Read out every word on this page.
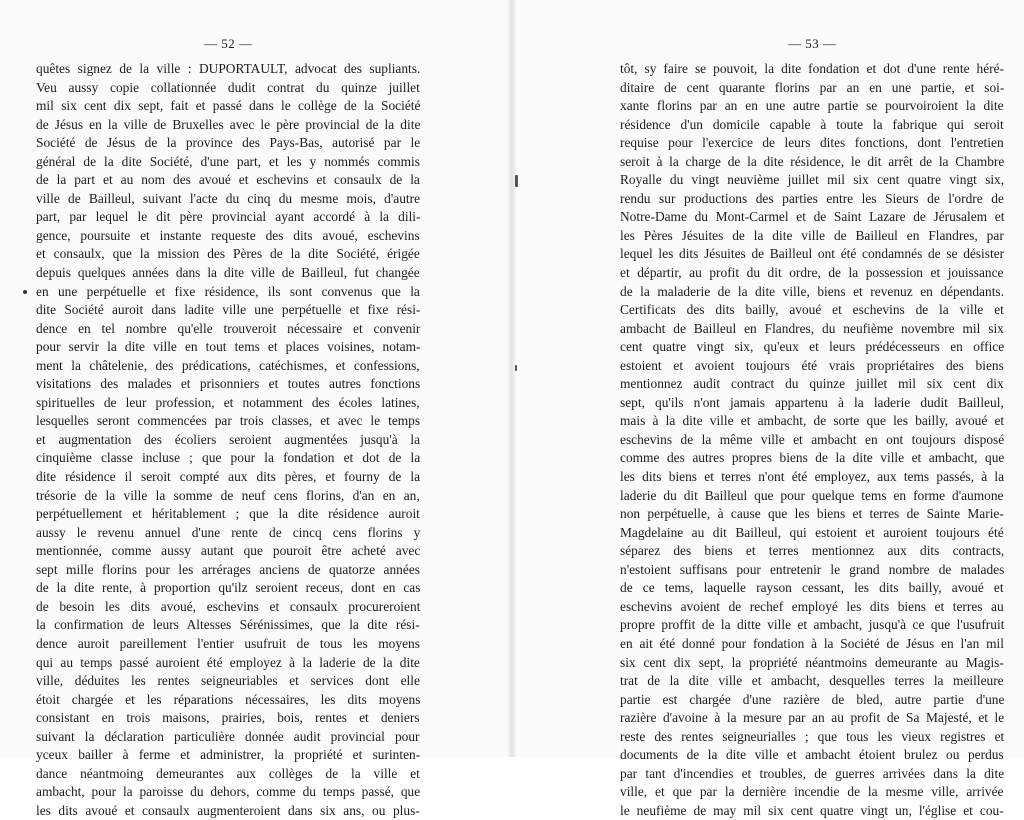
— 52 —
quêtes signez de la ville : DUPORTAULT, advocat des supliants.
Veu aussy copie collationnée dudit contrat du quinze juillet
mil six cent dix sept, fait et passé dans le collège de la Société
de Jésus en la ville de Bruxelles avec le père provincial de la dite
Société de Jésus de la province des Pays-Bas, autorisé par le
général de la dite Société, d'une part, et les y nommés commis
de la part et au nom des avoué et eschevins et consaulx de la
ville de Bailleul, suivant l'acte du cinq du mesme mois, d'autre
part, par lequel le dit père provincial ayant accordé à la dili-
gence, poursuite et instante requeste des dits avoué, eschevins
et consaulx, que la mission des Pères de la dite Société, érigée
depuis quelques années dans la dite ville de Bailleul, fut changée
en une perpétuelle et fixe résidence, ils sont convenus que la
dite Société auroit dans ladite ville une perpétuelle et fixe rési-
dence en tel nombre qu'elle trouveroit nécessaire et convenir
pour servir la dite ville en tout tems et places voisines, notam-
ment la châtelenie, des prédications, catéchismes, et confessions,
visitations des malades et prisonniers et toutes autres fonctions
spirituelles de leur profession, et notamment des écoles latines,
lesquelles seront commencées par trois classes, et avec le temps
et augmentation des écoliers seroient augmentées jusqu'à la
cinquième classe incluse ; que pour la fondation et dot de la
dite résidence il seroit compté aux dits pères, et fourny de la
trésorie de la ville la somme de neuf cens florins, d'an en an,
perpétuellement et héritablement ; que la dite résidence auroit
aussy le revenu annuel d'une rente de cincq cens florins y
mentionnée, comme aussy autant que pouroit être acheté avec
sept mille florins pour les arrérages anciens de quatorze années
de la dite rente, à proportion qu'ilz seroient receus, dont en cas
de besoin les dits avoué, eschevins et consaulx procureroient
la confirmation de leurs Altesses Sérénissimes, que la dite rési-
dence auroit pareillement l'entier usufruit de tous les moyens
qui au temps passé auroient été employez à la laderie de la dite
ville, déduites les rentes seigneuriables et services dont elle
étoit chargée et les réparations nécessaires, les dits moyens
consistant en trois maisons, prairies, bois, rentes et deniers
suivant la déclaration particulière donnée audit provincial pour
yceux bailler à ferme et administrer, la propriété et surinten-
dance néantmoing demeurantes aux collèges de la ville et
ambacht, pour la paroisse du dehors, comme du temps passé, que
les dits avoué et consaulx augmenteroient dans six ans, ou plus-
— 53 —
tôt, sy faire se pouvoit, la dite fondation et dot d'une rente héré-
ditaire de cent quarante florins par an en une partie, et soi-
xante florins par an en une autre partie se pourvoiroient la dite
résidence d'un domicile capable à toute la fabrique qui seroit
requise pour l'exercice de leurs dites fonctions, dont l'entretien
seroit à la charge de la dite résidence, le dit arrêt de la Chambre
Royalle du vingt neuvième juillet mil six cent quatre vingt six,
rendu sur productions des parties entre les Sieurs de l'ordre de
Notre-Dame du Mont-Carmel et de Saint Lazare de Jérusalem et
les Pères Jésuites de la dite ville de Bailleul en Flandres, par
lequel les dits Jésuites de Bailleul ont été condamnés de se désister
et départir, au profit du dit ordre, de la possession et jouissance
de la maladerie de la dite ville, biens et revenuz en dépendants.
Certificats des dits bailly, avoué et eschevins de la ville et
ambacht de Bailleul en Flandres, du neufième novembre mil six
cent quatre vingt six, qu'eux et leurs prédécesseurs en office
estoient et avoient toujours été vrais propriétaires des biens
mentionnez audit contract du quinze juillet mil six cent dix
sept, qu'ils n'ont jamais appartenu à la laderie dudit Bailleul,
mais à la dite ville et ambacht, de sorte que les bailly, avoué et
eschevins de la même ville et ambacht en ont toujours disposé
comme des autres propres biens de la dite ville et ambacht, que
les dits biens et terres n'ont été employez, aux tems passés, à la
laderie du dit Bailleul que pour quelque tems en forme d'aumone
non perpétuelle, à cause que les biens et terres de Sainte Marie-
Magdelaine au dit Bailleul, qui estoient et auroient toujours été
séparez des biens et terres mentionnez aux dits contracts,
n'estoient suffisans pour entretenir le grand nombre de malades
de ce tems, laquelle rayson cessant, les dits bailly, avoué et
eschevins avoient de rechef employé les dits biens et terres au
propre proffit de la ditte ville et ambacht, jusqu'à ce que l'usufruit
en ait été donné pour fondation à la Société de Jésus en l'an mil
six cent dix sept, la propriété néantmoins demeurante au Magis-
trat de la dite ville et ambacht, desquelles terres la meilleure
partie est chargée d'une razière de bled, autre partie d'une
razière d'avoine à la mesure par an au profit de Sa Majesté, et le
reste des rentes seigneurialles ; que tous les vieux registres et
documents de la dite ville et ambacht étoient brulez ou perdus
par tant d'incendies et troubles, de guerres arrivées dans la dite
ville, et que par la dernière incendie de la mesme ville, arrivée
le neufième de may mil six cent quatre vingt un, l'église et cou-
